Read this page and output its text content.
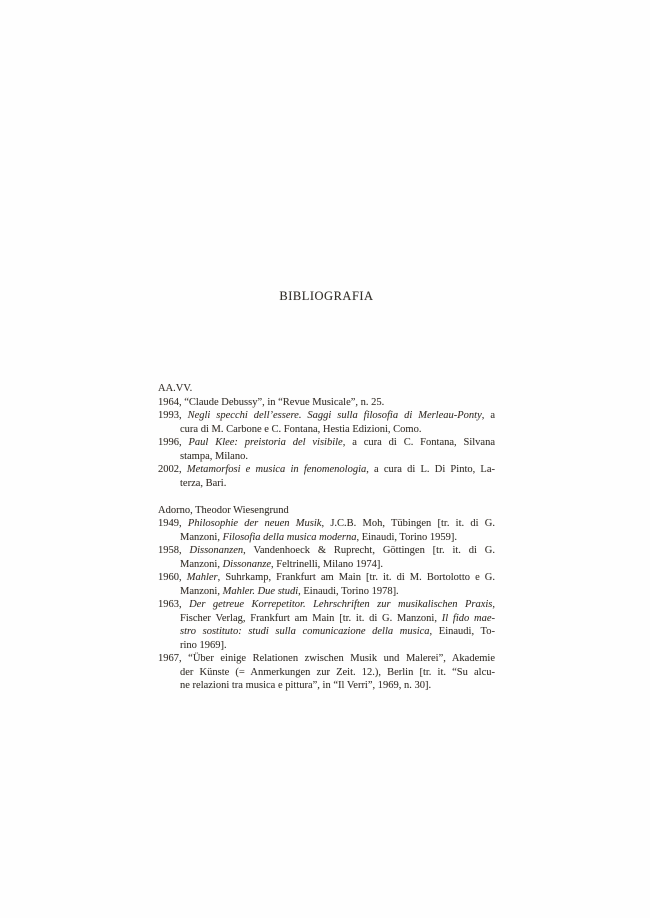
BIBLIOGRAFIA
AA.VV.
1964, “Claude Debussy”, in “Revue Musicale”, n. 25.
1993, Negli specchi dell’essere. Saggi sulla filosofia di Merleau-Ponty, a
cura di M. Carbone e C. Fontana, Hestia Edizioni, Como.
1996, Paul Klee: preistoria del visibile, a cura di C. Fontana, Silvana
stampa, Milano.
2002, Metamorfosi e musica in fenomenologia, a cura di L. Di Pinto, La-
terza, Bari.
Adorno, Theodor Wiesengrund
1949, Philosophie der neuen Musik, J.C.B. Moh, Tübingen [tr. it. di G.
Manzoni, Filosofia della musica moderna, Einaudi, Torino 1959].
1958, Dissonanzen, Vandenhoeck & Ruprecht, Göttingen [tr. it. di G.
Manzoni, Dissonanze, Feltrinelli, Milano 1974].
1960, Mahler, Suhrkamp, Frankfurt am Main [tr. it. di M. Bortolotto e G.
Manzoni, Mahler. Due studi, Einaudi, Torino 1978].
1963, Der getreue Korrepetitor. Lehrschriften zur musikalischen Praxis,
Fischer Verlag, Frankfurt am Main [tr. it. di G. Manzoni, Il fido mae-
stro sostituto: studi sulla comunicazione della musica, Einaudi, To-
rino 1969].
1967, “Über einige Relationen zwischen Musik und Malerei”, Akademie
der Künste (= Anmerkungen zur Zeit. 12.), Berlin [tr. it. “Su alcu-
ne relazioni tra musica e pittura”, in “Il Verri”, 1969, n. 30].
